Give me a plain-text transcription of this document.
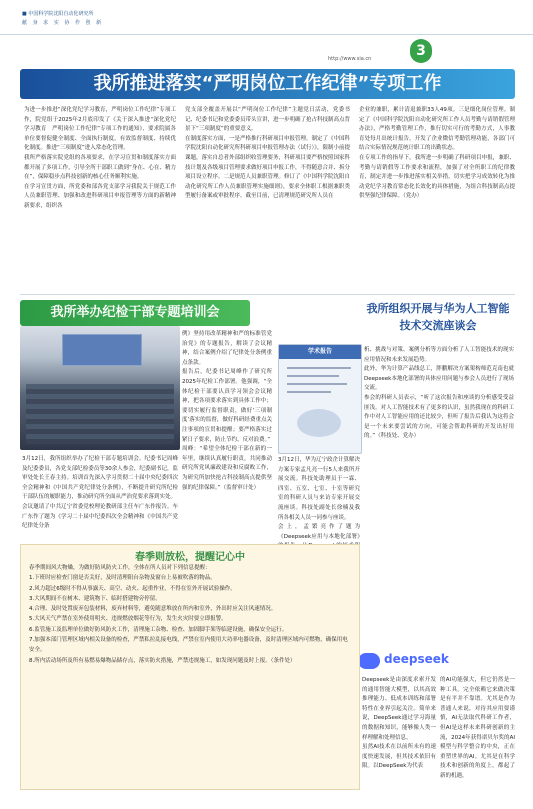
■ 中国科学院沈阳自动化研究所
献 身 求 实 协 作 创 新
3
http://www.sia.cn
我所推进落实“严明岗位工作纪律”专项工作
为进一步推进“深化党纪学习教育，严明岗位工作纪律”专项工作，院党组于2025年2月底印发了《关于深入推进“深化党纪学习教育　严明岗位工作纪律”专项工作的通知》，要求院属各单位要督促健全制度、全面执行制度，有效监督制度、持续优化制度。推进“三项制度”进入常态化管理。
我所严格落实院党组的各项要求，在学习宣贯和制度落实方面都开展了多项工作，引导全所干部职工做到“身在、心在、精力在”，保障稳步点科技创新的核心任务顺利实施。
在学习宣贯方面，所党委和部各党支部学习我院关于规范工作人员兼职管理、加强和改进科研项目申报管理等方面的新精神新要求，组织各
党支部全覆盖开展以“严明岗位工作纪律”主题党日活动，党委书记、纪委书记和党委委员带头宣讲，进一步明确了抢占科技制高点背景下“三项制度”的重要意义。
在制度落实方面，一是严格推行科研项目申报管理。制定了《中国科学院沈阳自动化研究所科研项目申报管理办法（试行）》，限制小前提课题，落实自总者外部组织收管理要务，科研项目要严格按照国家科技计划及各级项目管理要求做好项目申报工作，不得随意合并、拆分项目设立程序。二是规范人员兼职管理。修订了《中国科学院沈阳自动化研究所工作人员兼职管理实施细则》，要求全体职工根据兼职类型履行备案或审批程序。截至目前，已清理规范研究所人员在
企业的兼职，累计清退兼职33人49项。三是细化岗位管理。制定了《中国科学院沈阳自动化研究所工作人员考勤与请销假管理办法》，严格考勤管理工作，推行切实可行的考勤方式，人事教育处每月出统计报告，开发了企业微信考勤管理功能，各部门可结合实际情况规范统计职工的出勤状态。
在专项工作的指导下，我所进一步明确了科研项目申报，兼职、考勤与请销假等工作要求和流程，加强了对全所职工的纪律教育，制定并进一步推进落实相关举措，切实把学习成效转化为推动党纪学习教育常态化长效化的具体措施，为组合科技制高点提供坚强纪律保障。（党办）
我所举办纪检干部专题培训会
例》坚持用改革精神和严的标准管党治党》的专题报告，解读了会议精神，结合案例介绍了纪律处分条例重点条款。
报告后，纪委书记周峰作了研究所2025年纪检工作部署。他强调，“全体纪检干部要认真学习领会会议精神，把各项要求落实到具体工作中；要切实履行监督职责，做好‘三项制度’落实的监督，做好科研经费重点关注事项的宣贯和提醒；要严格落实过紧日子要求，防止节约、反对浪费。”
周峰：“希望全体纪检干部在新的一年里，继续认真履行职责，共同推动研究所党风廉政建设和反腐败工作，为研究所加快抢占科技制高点提供坚强的纪律保障。”（监督审计处）
3月12日，我所组织举办了纪检干部专题培训会。纪委书记周峰及纪委委员，各党支部纪检委员等30余人参会，纪委副书记，监审处处长王春主持。培训首先深入学习贯彻二十届中央纪委四次全会精神和《中国共产党纪律处分条例》，不断提升研究所纪检干部队伍的履职能力，推动研究所全面从严治党要求落到实处。
会议邀请了中共辽宁省委党校理论教研部主任车广东作报告。车广东作了题为《学习二十届中纪委四次全会精神和《中国共产党纪律处分条
我所组织开展与华为人工智能
技术交流座谈会
学术报告	析、挑战与对策、案例分析等方面分析了人工智能技术的现实应用情况和未来发展趋势。
此外，华为计算产品线总工，胖鹏解决方案架构师范克南也就Deepseek本地化部署的具体应用问题与参会人员进行了现场交流。
参会的科研人员表示，“听了这次报告和座谈的分析感受受益匪浅。对人工智能技术有了更多的认识，虽然我现在的科研工作中对人工智能应用的还比较少，但听了报告后我认为这将会是一个未来要尝试的方向，可能会帮助科研的开发出好用的。”（科技处、党办）
3月12日，华为辽宁政企计算解决方案专家孟凡亮一行5人来我所开展交流。科技处助理员于一霖、四室、五室、七室、十室等研究室的科研人员与来访专家开展交流座谈。科技处副处长徐楠及我所各相关人员一同参与座谈。
会上，孟繁亮作了题为《Deepseek应用与本地化部署》
deepseek
Deepseek是由深度求索开发的通用智能大模型，以其高效推理能力、低成本训练和部署特性在业界引起关注。简单来说，DeepSeek通过学习海量的数据和知识，能够像人类一样理解和处理信息。
虽然AI技术在以前所未有的速度快速发展，但其技术依旧有限。以DeepSeek为代表
的AI功能强大，但它仍然是一种工具。完全依赖它来做决策是有平并不靠谱。尤其是作为普通人来说，对待其应用要谨慎，AI无法取代科研工作者，但AI是这样未来科研创新的主流，2024年获得诺贝尔奖的AI模型与科学整合的中央，正在重塑世界的AI。尤其是在科学技术和创新的角度上，都起了新的机遇。
春季则放松，提醒记心中

春季期间风大物燥，为做好防风防火工作，全体在所人员对下列信息提醒：

1.下班时应检查门窗是否关好，及时清理阳台杂物及窗台上易被吹落的物品。

2.风力超过6级时不得从事露天、高空、动火、起重作业，不得在室外开展试验操作。

3.大风期间不在树木、建筑物下、临时搭建物旁停留。

4.合理、及时处置废弃包装材料，废弃材料等，避免随意堆放在所内和室外，外出时应关注风速情况。

5.大风天气严禁在室外使用明火、违规燃放烟花等行为，发生火灾时要立即报警。

6.监管施工及监理单位做好防风防火工作，清理施工杂物、检查、加固脚手架等临建设施，确保安全运行。

7.加强本部门管理区域内相关设备的检查，严禁私拉乱接电线，严禁在室内使用大功率电器设备，及时清理区域内可燃物，确保用电安全。

8.所内活动场所及所有易燃易爆物品储存点，落实防火措施，严禁违规施工，如发现问题及时上报。（条件处）
